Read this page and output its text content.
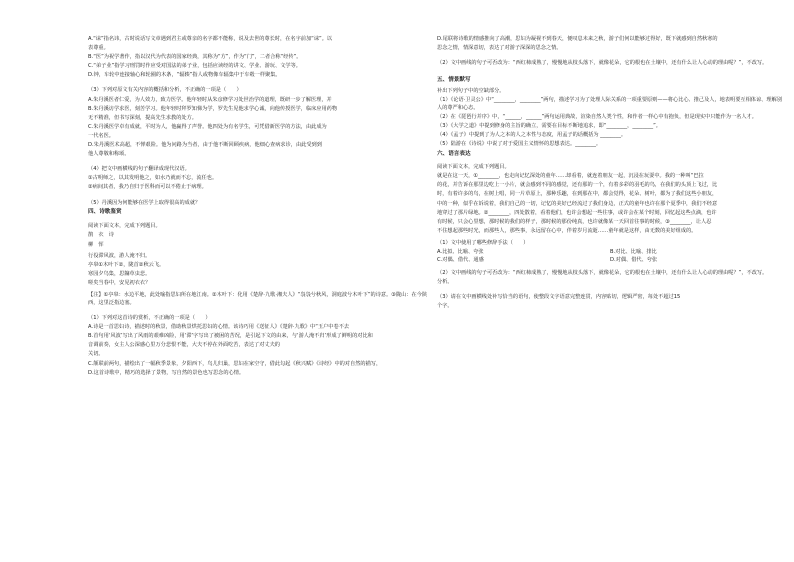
A.“诔”指名讳，古时说话写文章遇到君主或尊亲的名字都不能称，说及去世的尊长时，在名字前加“诔”。以

表尊重。

B.“医”为祝学著作，指以汉代为代表的国家经典，其称为“方”，作为“门”，二者合称“经传”。

C.“弟子业”指学习刑罚时作应受对国法的弟子业，包括应读经的讲文、学业、游玩、文学等。

D.钟，车轮中连接轴心和轮圈的木条，“辐辏”指人或物像车辐集中于车毂一样聚集。

（3）下列对原文有关内容的概括和分析，不正确的一项是（　　）

A.朱丹溪医者仁爱，为人效力，致力医学。他年轻时从朱彦修学习处世治学的道理，既研一步了解医理，并

B.朱丹溪访学求医，刻苦学习。他年轻时拜罗知悌为学，罗先生见他求学心诚，向他传授医学，临床应用药物

无不精准，但书写深刻，提高先生求教的处方。

C.朱丹溪医学卓有成就，平时为人，他赢得了声誉。他四处为有名学生，可凭借新医学的方法，由此成为

一代名医。

D.朱丹溪医术高超，不惮艰险。他为问路为当者，由于他不断回顾疾病，他细心查病求诊，由此受到到

他人尊敬和称颂。

（4）把文中画横线的句子翻译成现代汉语。

①古明师之，以其发明他之，如水乃就而不忘，流任也。

②病间其者，我乃自归于医科而可以不倦止于病理。

（5）丹溪因为何能够在医学上取得很高的成就？

四、诗歌鉴赏

阅读下面文本，完成下列题目。

鹊　衣　诗

柳　恽

行役滞风波，游人淹不归。

亭皋①木叶下②，陇首②秋云飞。

寒园夕鸟集，思牖草虫悲。

嗟矣当春中，安见初衣衣？

【注】①亭皋：水边平地，此处喻指思妇所在地江南。②木叶下：化用《楚辞·九歌·湘夫人》“袅袅兮秋风，洞庭波兮木叶下”的诗意。③陇山：在今陕西，这里泛指边塞。

（1）下列对这首诗的赏析，不正确的一项是（　　）

A.诗是一首思妇诗，描述时的秋景，借助秋景烘托思妇的心情。该诗巧用《送征人》《楚辞·九歌》中“玉户中卷不去

B.首句用‘风波’写出了风雨的艰难凶险，用‘滞’字写出了被困的苦况，是引起下文的由来，与‘游人淹不归’形成了鲜明的对比和

音调前奏，女主人公深感心里万分悲恨不能，大夫不停在外面吃苦，表达了对丈夫的

关切。

C.颔联前两句，描绘出了一幅秋季景象，夕阳西下，鸟儿归巢，思妇在家空守，借此勾起《秋兴赋》《诗经》中的对自然的描写，

D.这首诗歌中，精巧的选择了景物，写自然的景色也写思念的心情。

D.尾联将诗歌的情感推向了高潮，思妇为凝视不到春天，便叹息未来之秋，游子们何以能够过得好，既下就感到自然秋寒的

思念之情，情深意切，表达了对游子深深的思念之情。

（2）文中画线的句子可否改为：“西红柿成熟了，慢慢地从枝头落下，就像花朵，它的根也在土壤中，还有什么让人心动的理由呢？”，不改写。

五、情景默写

补出下列句子中的空缺部分。

（1）《论语·卫灵公》中“________，________”两句，描述学习为了处理人际关系的一项重要原则——将心比心、推己及人，地表明要互相体谅、理解别人的尊严和心态。

（2）在《琵琶行并序》中，“______，______”两句运用典故，渲染自然人类个性，和作者一样心中有抱负，但是现实中只能作为一名人才。

（3）《大学之道》中提到修身的主旨的确立，需要在目标不断地追求，即“________，________”。

（4）《孟子》中提到了为人之本的人之本性与态度，用孟子的话概括为 ________。

（5）陆游在《诗说》中说了对于爱国主义情怀的思想表达。________。

六、语言表达

阅读下面文本，完成下列题目。

就是在这一天，①________，也走向记忆深处的童年……却看着，就连着朋友一起，沉浸在玩耍中。我的一种叫“巴拉

的花，并告诉在那里边吃上一小片，就会感到不同的感觉，还有那的一个，有着多彩的羽毛的鸟，在我们的头顶上飞过，比

时，有着许多的鸟，在树上唱，同一片草原上，那种乐趣，在到那在中，都会觉得，花朵、树叶，都为了我们这些小朋友，

中的一种，似乎在诉说着，我们自己的一切，记忆的美好已经流过了我们身边，正式的童年也许在那个夏季中，我们不经意

地穿过了那片绿地。②________，四处散着，看着他们，也许会想起一些往事，或许会在某个时刻，回忆起这些点滴，也许

有时候，只会心里想，那时候的我们的样子，那时候的那份纯真，也许就像某一天回首往事的时候，③________，让人忍

不住想起那些时光，而那些人，那些事，永远留在心中，伴着岁月流逝……童年就是这样，由无数的美好组成的。

（1）文中使用了哪些修辞手法（　　）

A.比拟、比喻、夸张	B.对比、比喻、排比
C.对偶、借代、通感	D.对偶、借代、夸张

（2）文中画线的句子可否改为：“西红柿成熟了，慢慢地从枝头落下，就像花朵，它的根也在土壤中，还有什么让人心动的理由呢？”，不改写。

分析。

（3）请在文中画横线处补写恰当的语句，使整段文字语意完整连贯，内容贴切，逻辑严密，每处不超过15

个字。
